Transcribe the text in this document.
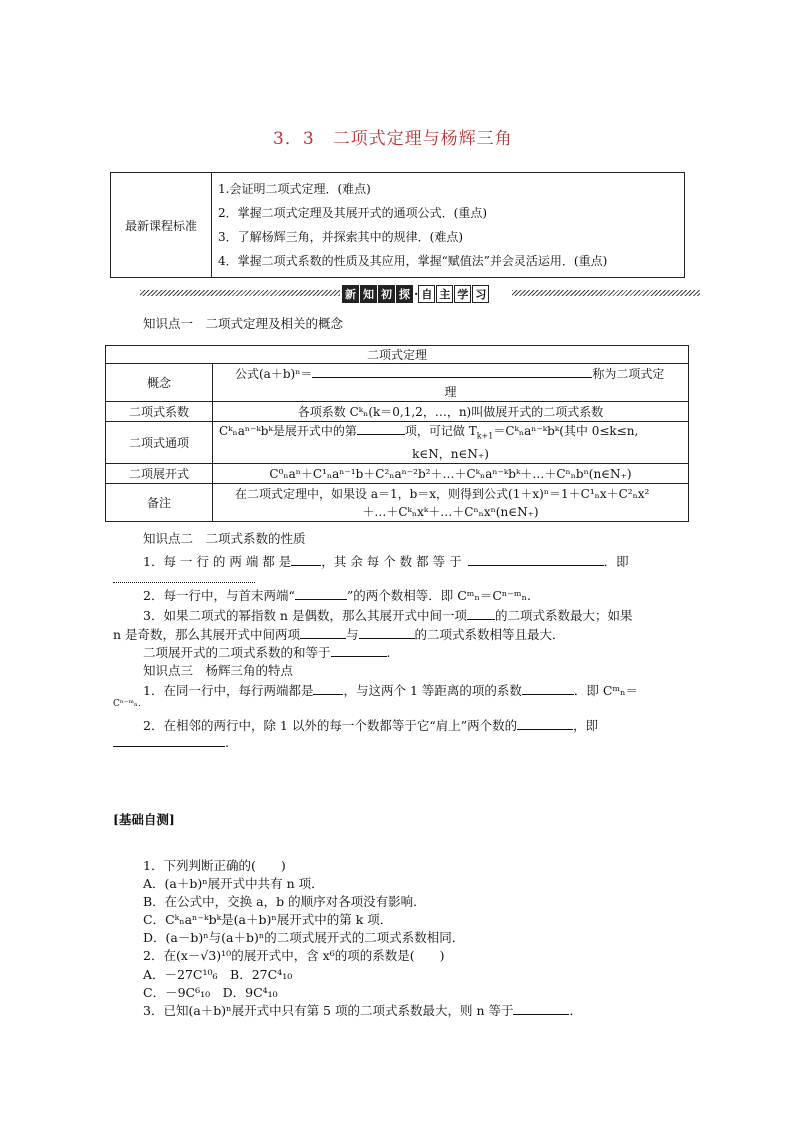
3．3　二项式定理与杨辉三角
最新课程标准	
1.会证明二项式定理．(难点)
2．掌握二项式定理及其展开式的通项公式．(重点)
3．了解杨辉三角，并探索其中的规律．(难点)
4．掌握二项式系数的性质及其应用，掌握“赋值法”并会灵活运用．(重点)
新 知 初 探 · 自 主 学 习
知识点一　二项式定理及相关的概念
二项式定理	
概念	公式(a＋b)ⁿ＝ 称为二项式定
理

二项式系数	各项系数 Cᵏₙ(k＝0,1,2，…，n)叫做展开式的二项式系数
二项式通项	Cᵏₙaⁿ⁻ᵏbᵏ是展开式中的第 项，可记做 $T_{k+1}=Cᵏ_na^{n-}ᵏbᵏ$(其中 0≤k≤n,
k∈N，n∈N₊)

二项展开式	C⁰ₙaⁿ＋C¹ₙaⁿ⁻¹b＋C²ₙaⁿ⁻²b²＋…＋Cᵏₙaⁿ⁻ᵏbᵏ＋…＋Cⁿₙbⁿ(n∈N₊)
备注	在二项式定理中，如果设 a＝1，b＝x，则得到公式(1＋x)ⁿ＝1＋C¹ₙx＋C²ₙx²
＋…＋Cᵏₙxᵏ＋…＋Cⁿₙxⁿ(n∈N₊)
知识点二　二项式系数的性质
1．每 一 行 的 两 端 都 是 ，其 余 每 个 数 都 等 于	．即
2．每一行中，与首末两端“	”的两个数相等．即 Cᵐₙ＝Cⁿ⁻ᵐₙ.
3．如果二项式的幂指数 n 是偶数，那么其展开式中间一项 的二项式系数最大；如果
n 是奇数，那么其展开式中间两项	与	的二项式系数相等且最大．
二项展开式的二项式系数的和等于	.
知识点三　杨辉三角的特点
1．在同一行中，每行两端都是 ，与这两个 1 等距离的项的系数	．即 Cᵐₙ＝
Cⁿ⁻ᵐₙ.
2．在相邻的两行中，除 1 以外的每一个数都等于它“肩上”两个数的	，即
.
[基础自测]
1．下列判断正确的(　　)
A．(a＋b)ⁿ展开式中共有 n 项．
B．在公式中，交换 a，b 的顺序对各项没有影响．
C．Cᵏₙaⁿ⁻ᵏbᵏ是(a＋b)ⁿ展开式中的第 k 项．
D．(a－b)ⁿ与(a＋b)ⁿ的二项式展开式的二项式系数相同．
2．在(x－√3)¹⁰的展开式中，含 x⁶的项的系数是(　　)
A．－27C¹⁰₆　B．27C⁴₁₀
C．－9C⁶₁₀　D．9C⁴₁₀
3．已知(a＋b)ⁿ展开式中只有第 5 项的二项式系数最大，则 n 等于	．
